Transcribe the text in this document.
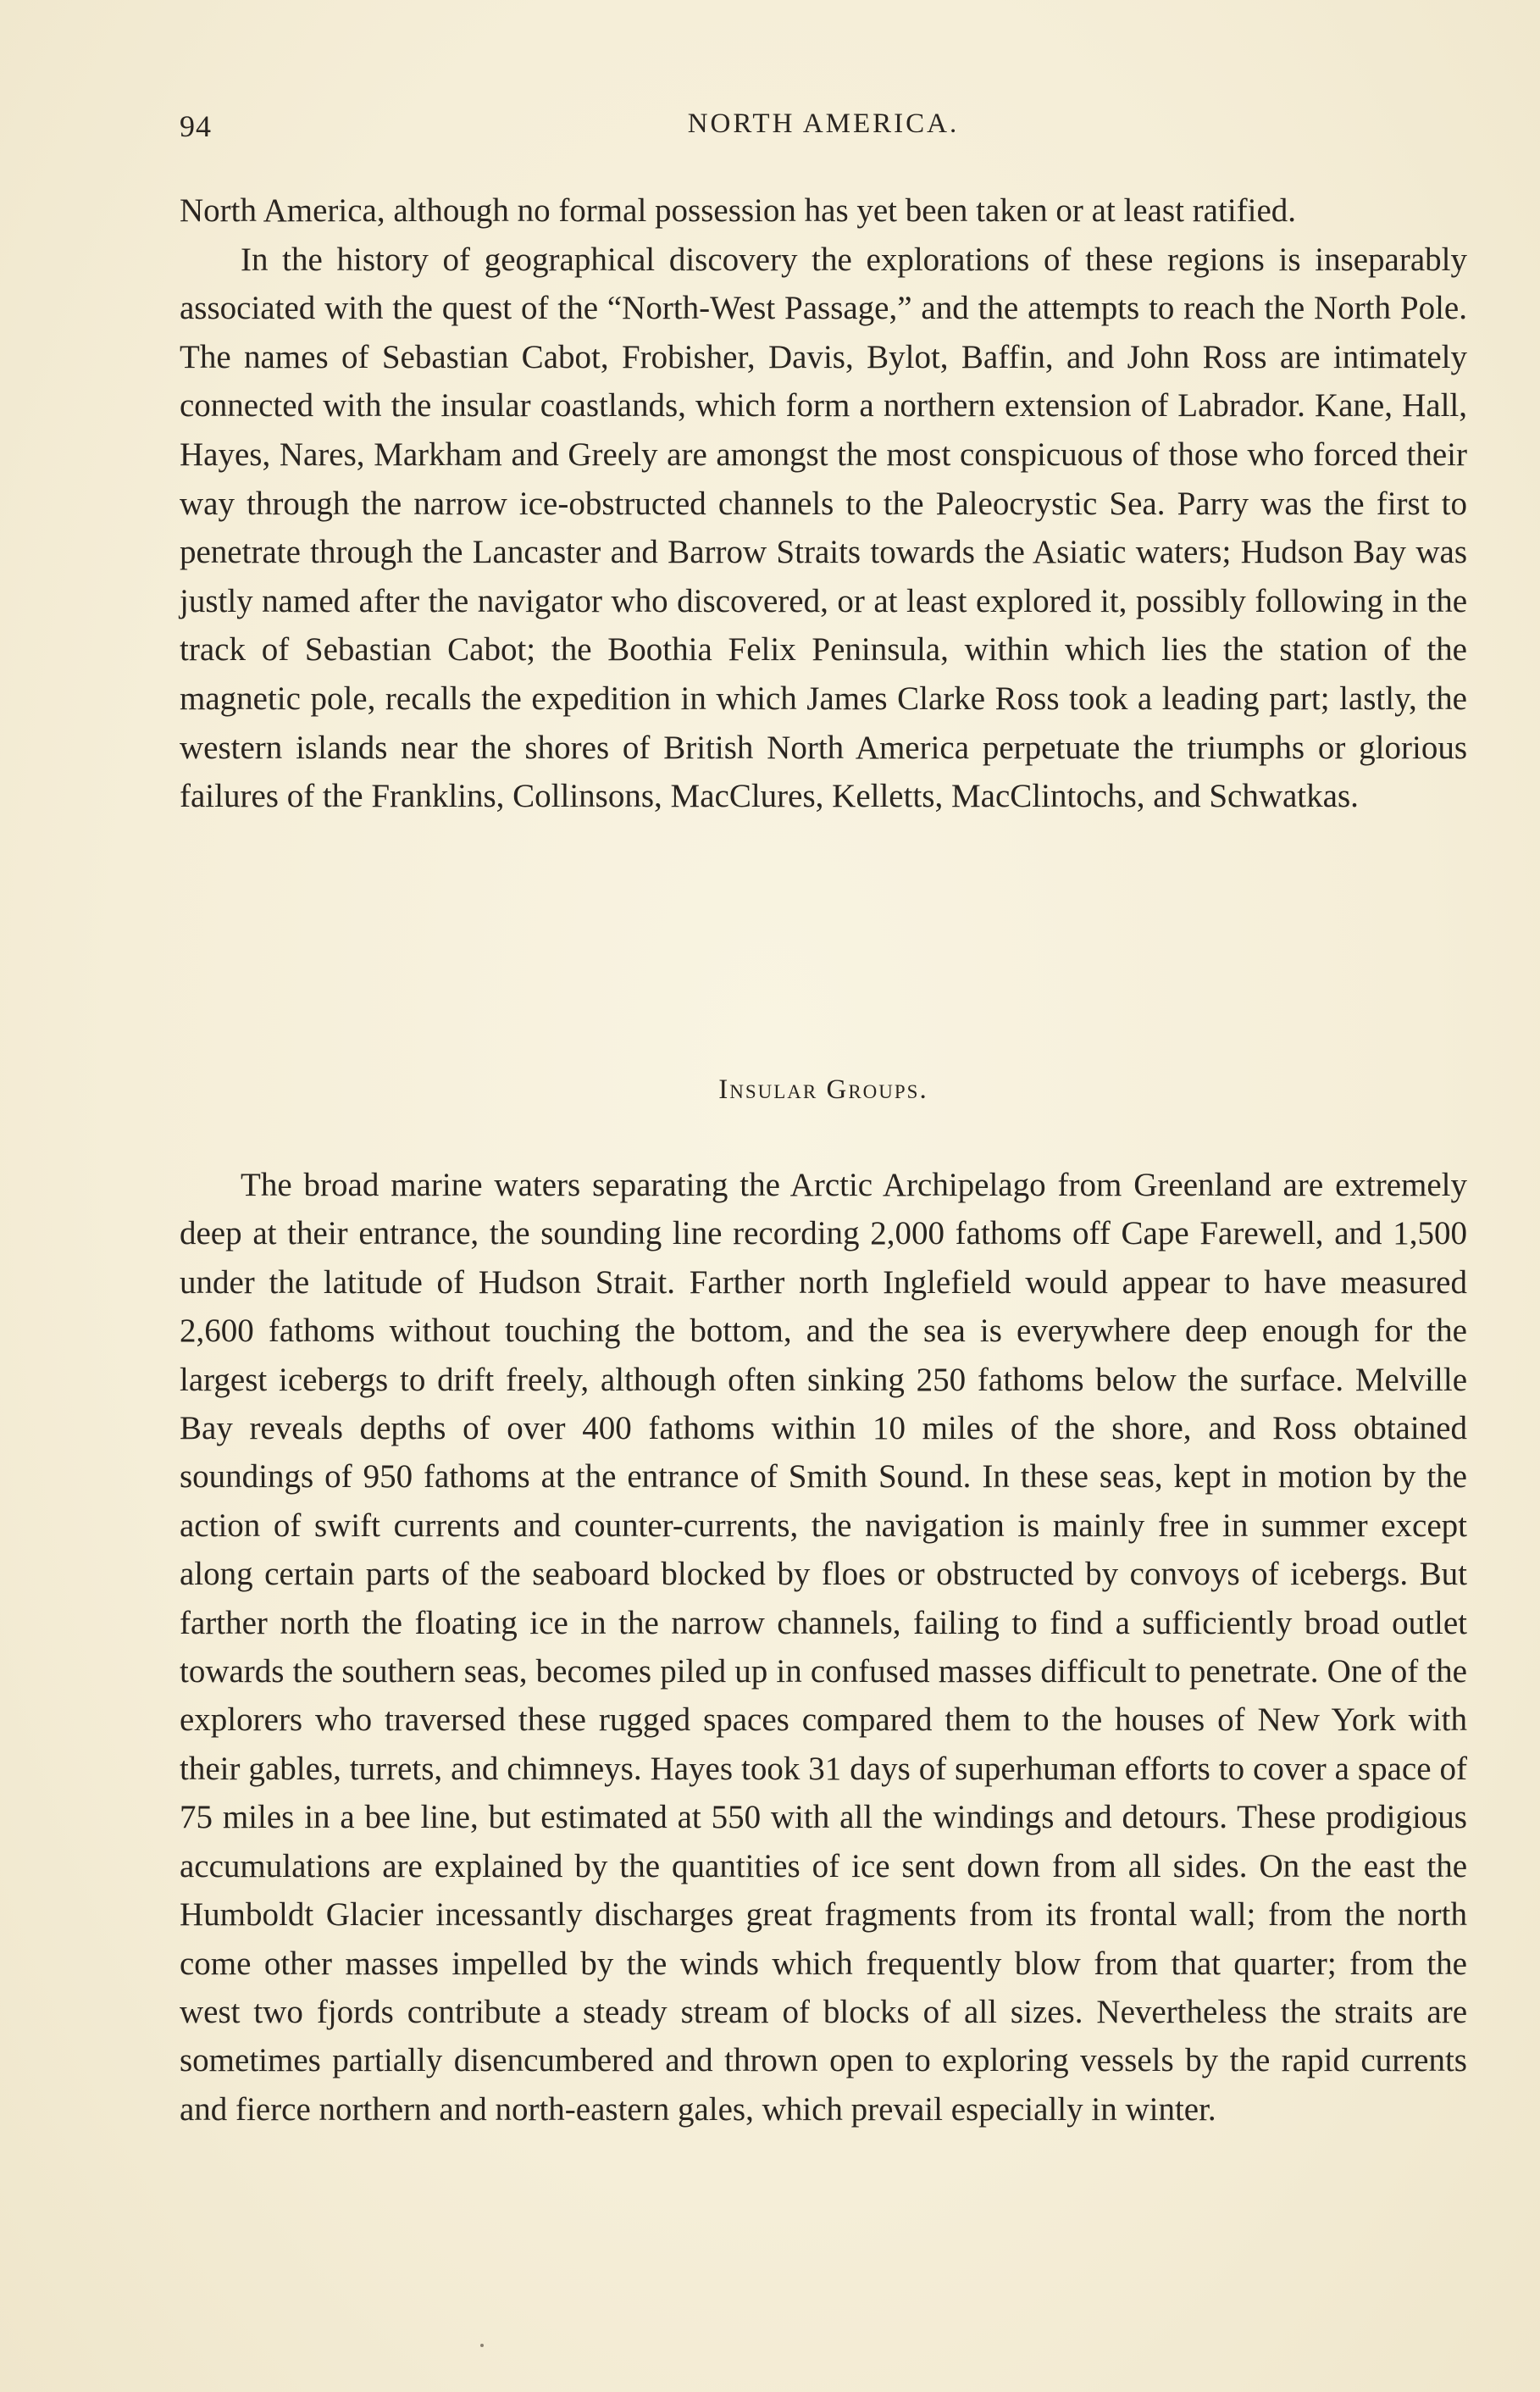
94	NORTH AMERICA.

North America, although no formal possession has yet been taken or at least ratified.

In the history of geographical discovery the explorations of these regions is inseparably associated with the quest of the “North-West Passage,” and the attempts to reach the North Pole. The names of Sebastian Cabot, Frobisher, Davis, Bylot, Baffin, and John Ross are intimately connected with the insular coastlands, which form a northern extension of Labrador. Kane, Hall, Hayes, Nares, Markham and Greely are amongst the most conspicuous of those who forced their way through the narrow ice-obstructed channels to the Paleocrystic Sea. Parry was the first to penetrate through the Lancaster and Barrow Straits towards the Asiatic waters; Hudson Bay was justly named after the navigator who discovered, or at least explored it, possibly following in the track of Sebastian Cabot; the Boothia Felix Peninsula, within which lies the station of the magnetic pole, recalls the expedition in which James Clarke Ross took a leading part; lastly, the western islands near the shores of British North America perpetuate the triumphs or glorious failures of the Franklins, Collinsons, MacClures, Kelletts, MacClintochs, and Schwatkas.

Insular Groups.

The broad marine waters separating the Arctic Archipelago from Greenland are extremely deep at their entrance, the sounding line recording 2,000 fathoms off Cape Farewell, and 1,500 under the latitude of Hudson Strait. Farther north Inglefield would appear to have measured 2,600 fathoms without touching the bottom, and the sea is everywhere deep enough for the largest icebergs to drift freely, although often sinking 250 fathoms below the surface. Melville Bay reveals depths of over 400 fathoms within 10 miles of the shore, and Ross obtained soundings of 950 fathoms at the entrance of Smith Sound. In these seas, kept in motion by the action of swift currents and counter-currents, the navigation is mainly free in summer except along certain parts of the seaboard blocked by floes or obstructed by convoys of icebergs. But farther north the floating ice in the narrow channels, failing to find a sufficiently broad outlet towards the southern seas, becomes piled up in confused masses difficult to penetrate. One of the explorers who traversed these rugged spaces compared them to the houses of New York with their gables, turrets, and chimneys. Hayes took 31 days of superhuman efforts to cover a space of 75 miles in a bee line, but estimated at 550 with all the windings and detours. These prodigious accumulations are explained by the quantities of ice sent down from all sides. On the east the Humboldt Glacier incessantly discharges great fragments from its frontal wall; from the north come other masses impelled by the winds which frequently blow from that quarter; from the west two fjords contribute a steady stream of blocks of all sizes. Nevertheless the straits are sometimes partially disencumbered and thrown open to exploring vessels by the rapid currents and fierce northern and north-eastern gales, which prevail especially in winter.
